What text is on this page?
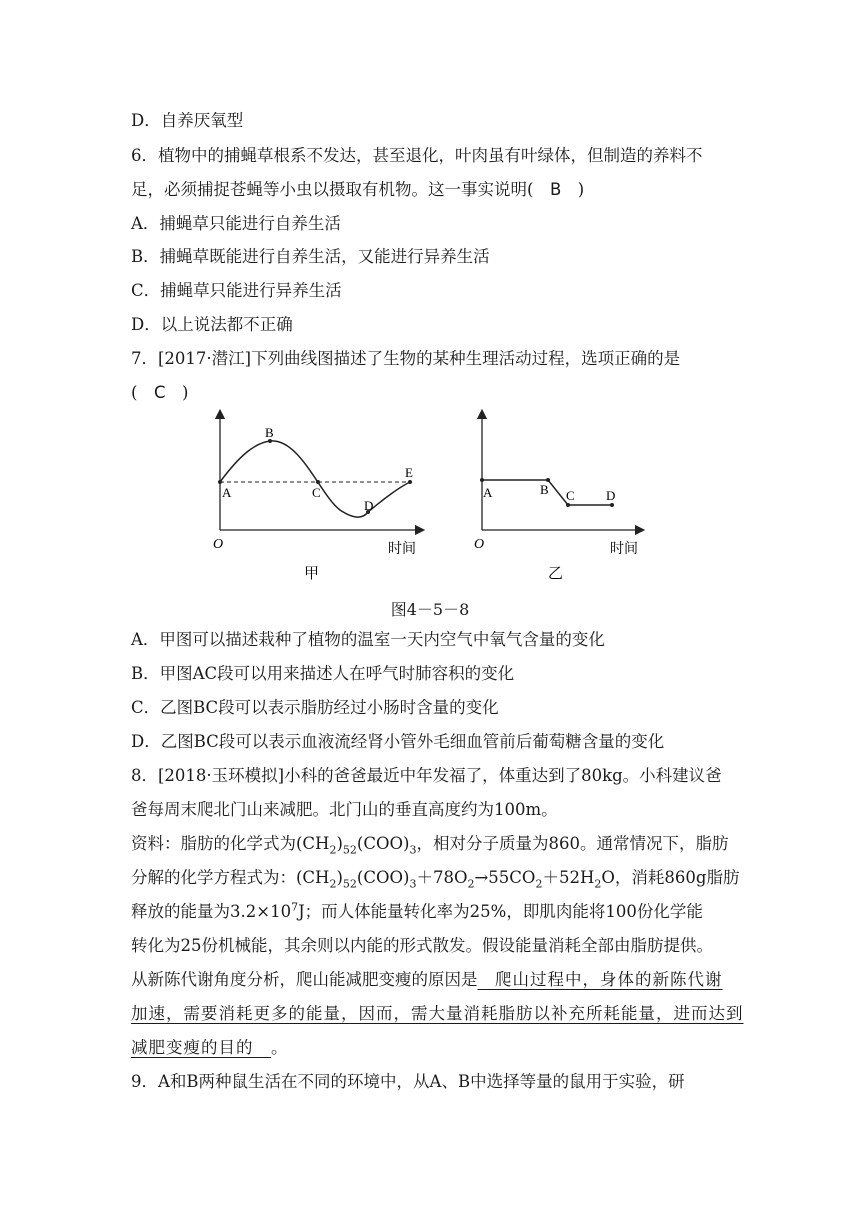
D．自养厌氧型
6．植物中的捕蝇草根系不发达，甚至退化，叶肉虽有叶绿体，但制造的养料不
足，必须捕捉苍蝇等小虫以摄取有机物。这一事实说明(　B　)
A．捕蝇草只能进行自养生活
B．捕蝇草既能进行自养生活，又能进行异养生活
C．捕蝇草只能进行异养生活
D．以上说法都不正确
7．[2017·潜江]下列曲线图描述了生物的某种生理活动过程，选项正确的是
(　C　)
A
B
C
D
E
O	时间
甲
A	B C D
O	时间
乙
图4－5－8
A．甲图可以描述栽种了植物的温室一天内空气中氧气含量的变化
B．甲图AC段可以用来描述人在呼气时肺容积的变化
C．乙图BC段可以表示脂肪经过小肠时含量的变化
D．乙图BC段可以表示血液流经肾小管外毛细血管前后葡萄糖含量的变化
8．[2018·玉环模拟]小科的爸爸最近中年发福了，体重达到了80kg。小科建议爸
爸每周末爬北门山来减肥。北门山的垂直高度约为100m。
资料：脂肪的化学式为$(CH_2)_{52}(COO)_3$，相对分子质量为860。通常情况下，脂肪
分解的化学方程式为：$(CH_2)_{52}(COO)_3+78O_2\to 55CO_2+52H_2O$，消耗860g脂肪
释放的能量为$3.2\times 10^7J$；而人体能量转化率为25%，即肌肉能将100份化学能
转化为25份机械能，其余则以内能的形式散发。假设能量消耗全部由脂肪提供。
从新陈代谢角度分析，爬山能减肥变瘦的原因是　爬山过程中，身体的新陈代谢
加速，需要消耗更多的能量，因而，需大量消耗脂肪以补充所耗能量，进而达到
减肥变瘦的目的　。
9．A和B两种鼠生活在不同的环境中，从A、B中选择等量的鼠用于实验，研
